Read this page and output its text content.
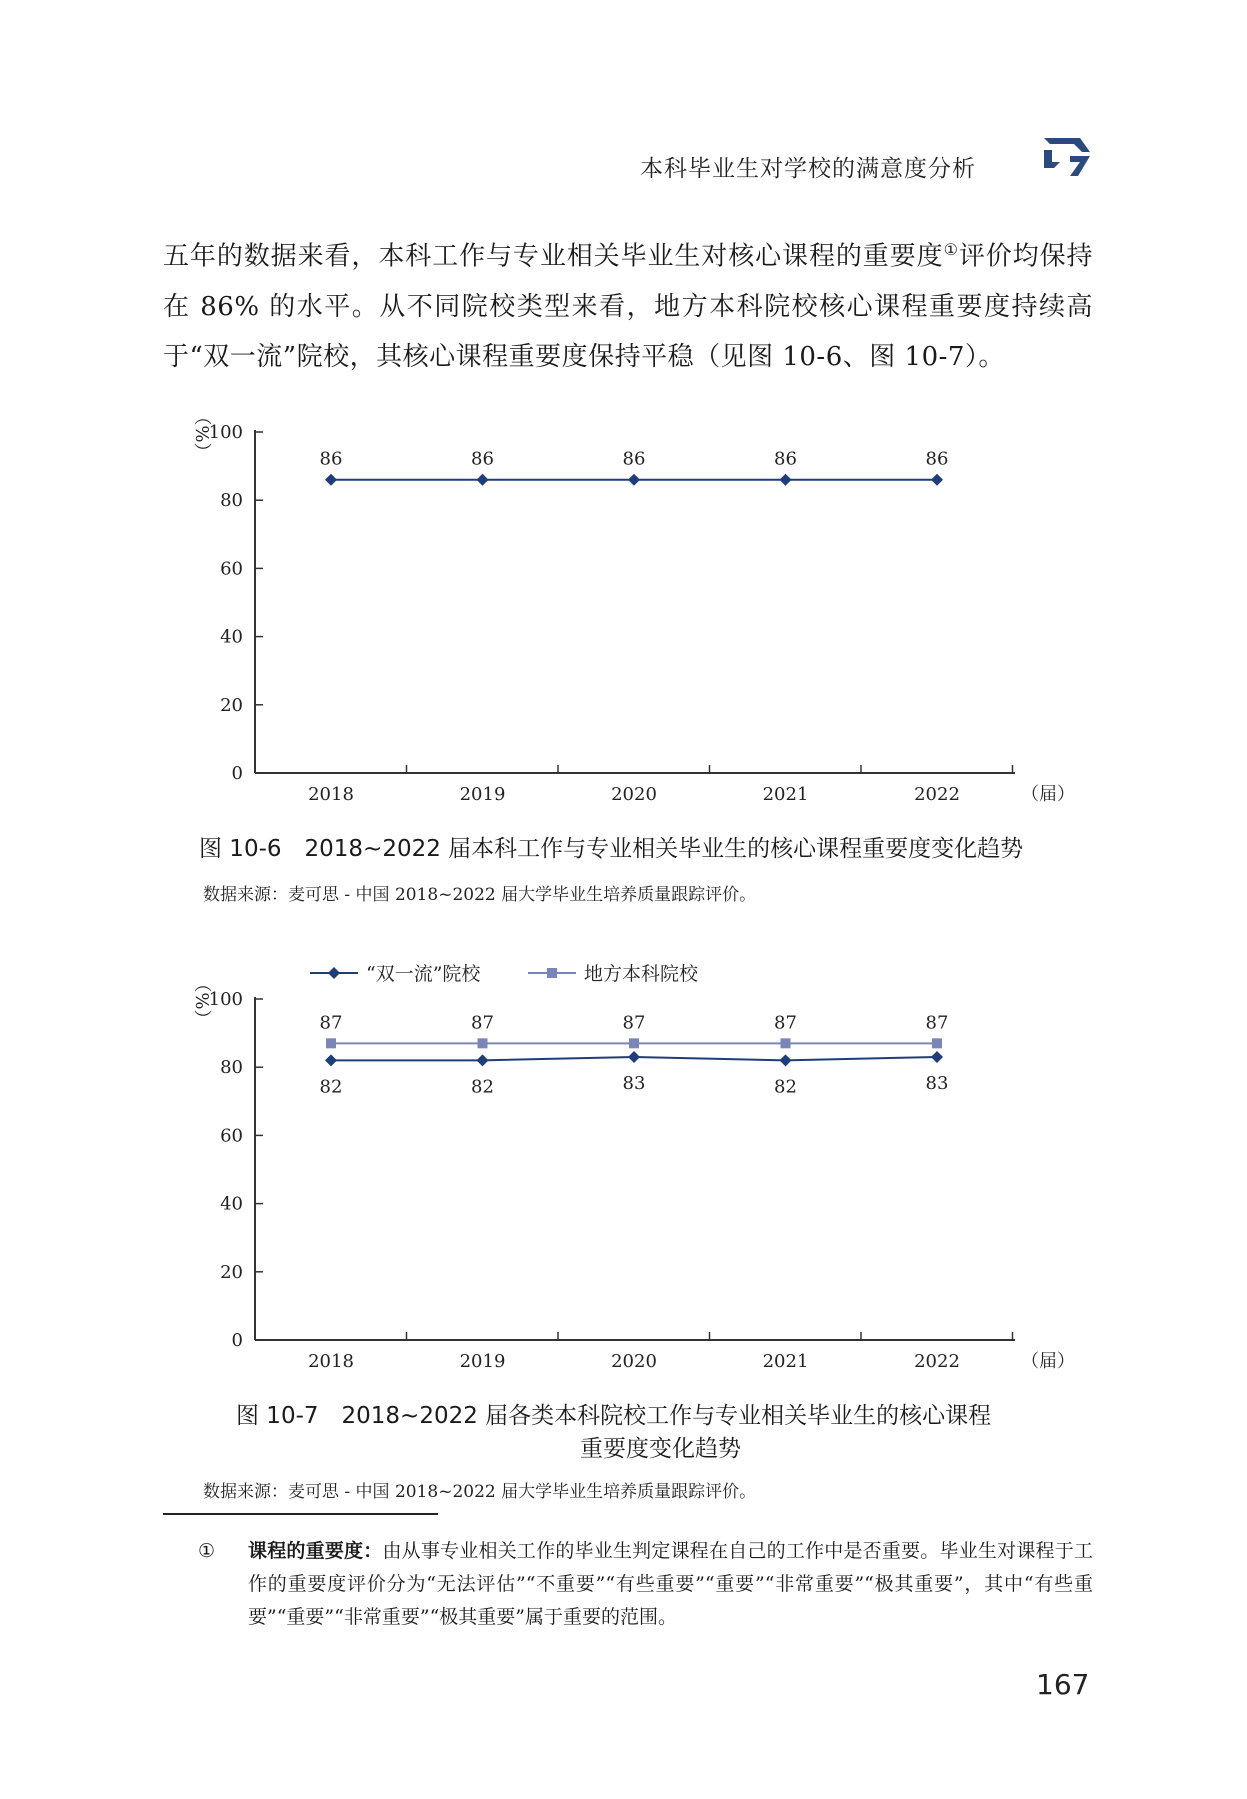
本科毕业生对学校的满意度分析
五年的数据来看，本科工作与专业相关毕业生对核心课程的重要度①评价均保持在 86% 的水平。从不同院校类型来看，地方本科院校核心课程重要度持续高于“双一流”院校，其核心课程重要度保持平稳（见图 10-6、图 10-7）。
0
20
40
60
80
100
（%）
2018	2019	2020	2021	2022	（届）
86	86	86	86	86
0
20
40
60
80
100
（%）
2018	2019	2020	2021	2022	（届）
82	82	83	82	83
87	87	87	87	87
“双一流”院校	地方本科院校
图 10-6　2018~2022 届本科工作与专业相关毕业生的核心课程重要度变化趋势
数据来源：麦可思 - 中国 2018~2022 届大学毕业生培养质量跟踪评价。
图 10-7　2018~2022 届各类本科院校工作与专业相关毕业生的核心课程
重要度变化趋势
数据来源：麦可思 - 中国 2018~2022 届大学毕业生培养质量跟踪评价。
① 课程的重要度：由从事专业相关工作的毕业生判定课程在自己的工作中是否重要。毕业生对课程于工作的重要度评价分为“无法评估”“不重要”“有些重要”“重要”“非常重要”“极其重要”，其中“有些重要”“重要”“非常重要”“极其重要”属于重要的范围。
167
